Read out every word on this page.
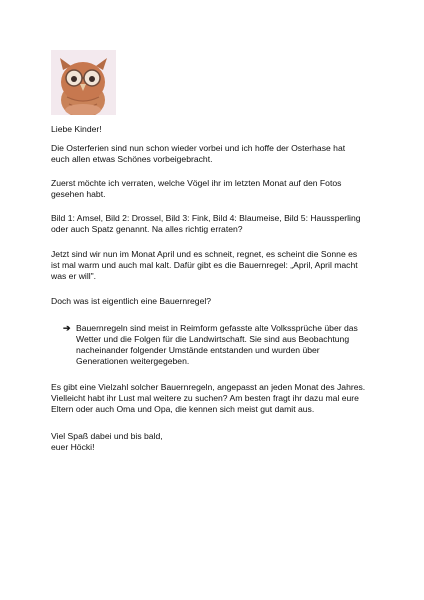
Liebe Kinder!

Die Osterferien sind nun schon wieder vorbei und ich hoffe der Osterhase hat

euch allen etwas Schönes vorbeigebracht.

Zuerst möchte ich verraten, welche Vögel ihr im letzten Monat auf den Fotos

gesehen habt.

Bild 1: Amsel, Bild 2: Drossel, Bild 3: Fink, Bild 4: Blaumeise, Bild 5: Haussperling

oder auch Spatz genannt. Na alles richtig erraten?

Jetzt sind wir nun im Monat April und es schneit, regnet, es scheint die Sonne es

ist mal warm und auch mal kalt. Dafür gibt es die Bauernregel: „April, April macht

was er will".

Doch was ist eigentlich eine Bauernregel?

➔ Bauernregeln sind meist in Reimform gefasste alte Volkssprüche über das

Wetter und die Folgen für die Landwirtschaft. Sie sind aus Beobachtung

nacheinander folgender Umstände entstanden und wurden über

Generationen weitergegeben.

Es gibt eine Vielzahl solcher Bauernregeln, angepasst an jeden Monat des Jahres.

Vielleicht habt ihr Lust mal weitere zu suchen? Am besten fragt ihr dazu mal eure

Eltern oder auch Oma und Opa, die kennen sich meist gut damit aus.

Viel Spaß dabei und bis bald,

euer Höcki!
